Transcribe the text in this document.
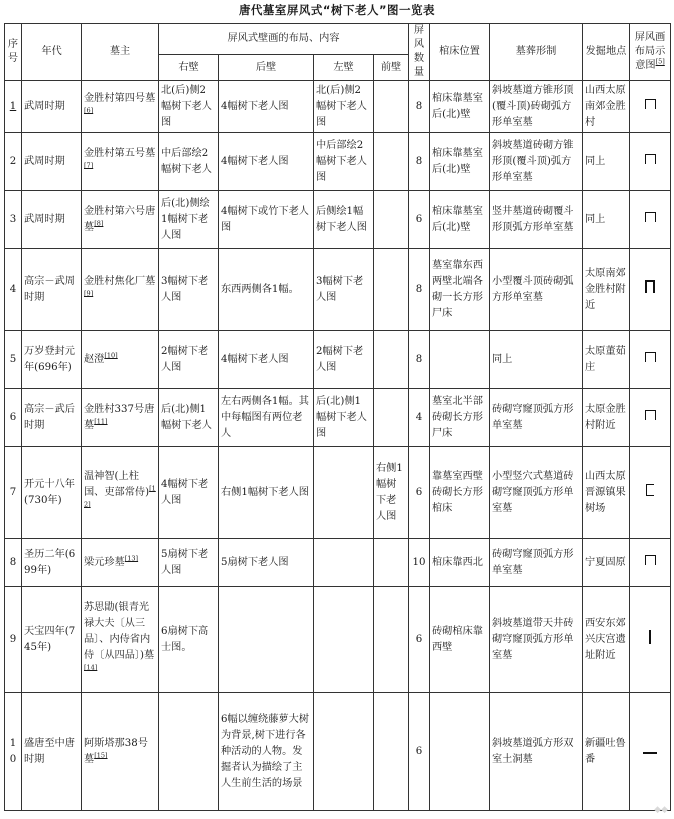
唐代墓室屏风式“树下老人”图一览表
序号	年代	墓主	屏风式壁画的布局、内容				屏风数量	棺床位置	墓葬形制	发掘地点	屏风画布局示意图[5]
			右壁	后壁	左壁	前壁					
1	武周时期	金胜村第四号墓[6]	北(后)侧2幅树下老人图	4幅树下老人图	北(后)侧2幅树下老人图		8	棺床靠墓室后(北)壁	斜坡墓道方锥形顶(覆斗顶)砖砌弧方形单室墓	山西太原南郊金胜村	
2	武周时期	金胜村第五号墓[7]	中后部绘2幅树下老人	4幅树下老人图	中后部绘2幅树下老人图		8	棺床靠墓室后(北)壁	斜坡墓道砖砌方锥形顶(覆斗顶)弧方形单室墓	同上	
3	武周时期	金胜村第六号唐墓[8]	后(北)侧绘1幅树下老人图	4幅树下或竹下老人图	后侧绘1幅树下老人图		6	棺床靠墓室后(北)壁	竖井墓道砖砌覆斗形顶弧方形单室墓	同上	
4	高宗－武周时期	金胜村焦化厂墓[9]	3幅树下老人图	东西两侧各1幅。	3幅树下老人图		8	墓室靠东西两壁北端各砌一长方形尸床	小型覆斗顶砖砌弧方形单室墓	太原南郊金胜村附近	
5	万岁登封元年(696年)	赵澄[10]	2幅树下老人图	4幅树下老人图	2幅树下老人图		8		同上	太原董茹庄	
6	高宗－武后时期	金胜村337号唐墓[11]	后(北)侧1幅树下老人	左右两侧各1幅。其中每幅图有两位老人	后(北)侧1幅树下老人图		4	墓室北半部砖砌长方形尸床	砖砌穹窿顶弧方形单室墓	太原金胜村附近	
7	开元十八年(730年)	温神智(上柱国、吏部常侍)[12]	4幅树下老人图	右侧1幅树下老人图		右侧1幅树下老人图	6	靠墓室西壁砖砌长方形棺床	小型竖穴式墓道砖砌穹窿顶弧方形单室墓	山西太原晋源镇果树场	
8	圣历二年(699年)	梁元珍墓[13]	5扇树下老人图	5扇树下老人图			10	棺床靠西北	砖砌穹窿顶弧方形单室墓	宁夏固原	
9	天宝四年(745年)	苏思勖(银青光禄大夫〔从三品〕、内侍省内侍〔从四品〕)墓[14]	6扇树下高士图。				6	砖砌棺床靠西壁	斜坡墓道带天井砖砌穹窿顶弧方形单室墓	西安东郊兴庆宫遗址附近	
10	盛唐至中唐时期	阿斯塔那38号墓[15]		6幅以缠绕藤萝大树为背景,树下进行各种活动的人物。发掘者认为描绘了主人生前生活的场景			6		斜坡墓道弧方形双室土洞墓	新疆吐鲁番	
◆◆
